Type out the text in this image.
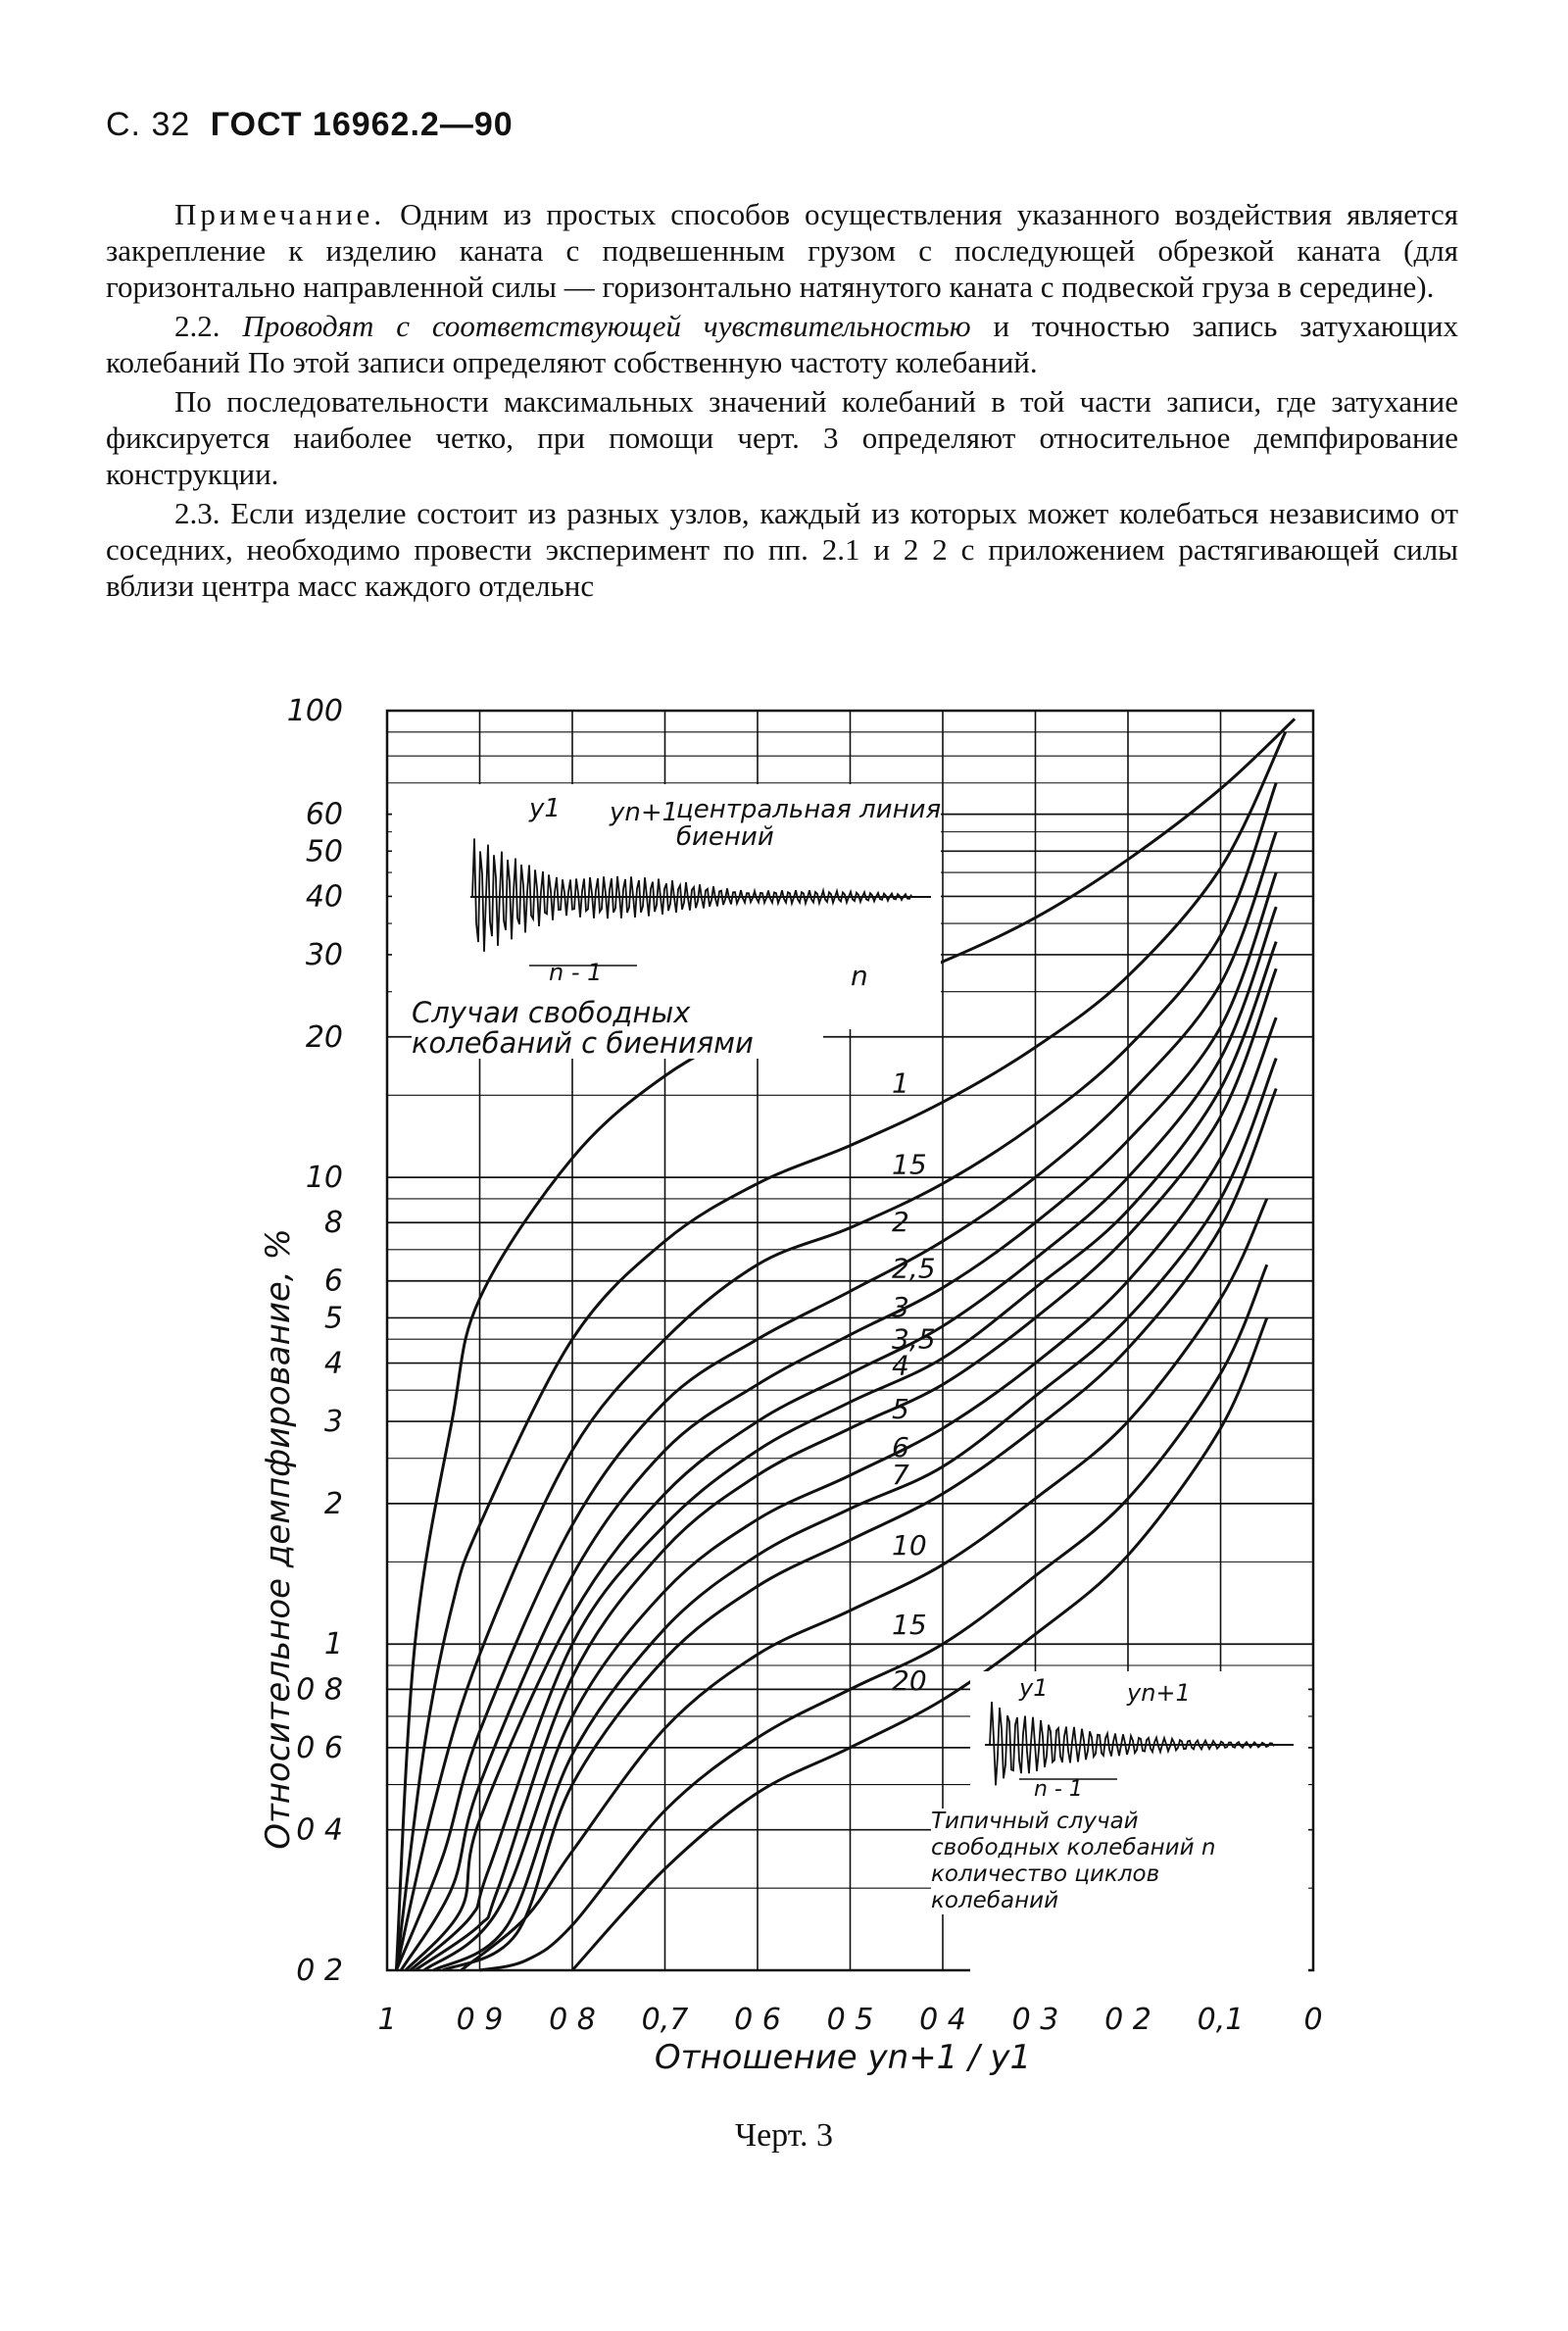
С. 32 ГОСТ 16962.2—90

Примечание. Одним из простых способов осуществления указанного воздействия является закрепление к изделию каната с подвешенным грузом с последующей обрезкой каната (для горизонтально направленной силы — горизонтально натянутого каната с подвеской груза в середине).

2.2. Проводят с соответствующей чувствительностью и точностью запись затухающих колебаний По этой записи определяют собственную частоту колебаний.

По последовательности максимальных значений колебаний в той части записи, где затухание фиксируется наиболее четко, при помощи черт. 3 определяют относительное демпфирование конструкции.

2.3. Если изделие состоит из разных узлов, каждый из которых может колебаться независимо от соседних, необходимо провести эксперимент по пп. 2.1 и 2 2 с приложением растягивающей силы вблизи центра масс каждого отдельнс

100
60
50
40
30
20
10
8
6
5
4
3
2
1
0 8
0 6
0 4
0 2
1 0 9 0 8 0,7 0 6 0 5 0 4 0 3 0 2 0,1 0
1
15
2
2,5
3
3,5
4
5
6
7
10
15
20
Относительное демпфирование, %
Отношение yn+1 / y1
y1 yn+1
n - 1
центральная линия биений
Случаи свободных колебаний с биениями
y1	yn+1
n - 1
Типичный случай свободных колебаний n количество циклов колебаний
n
Черт. 3
